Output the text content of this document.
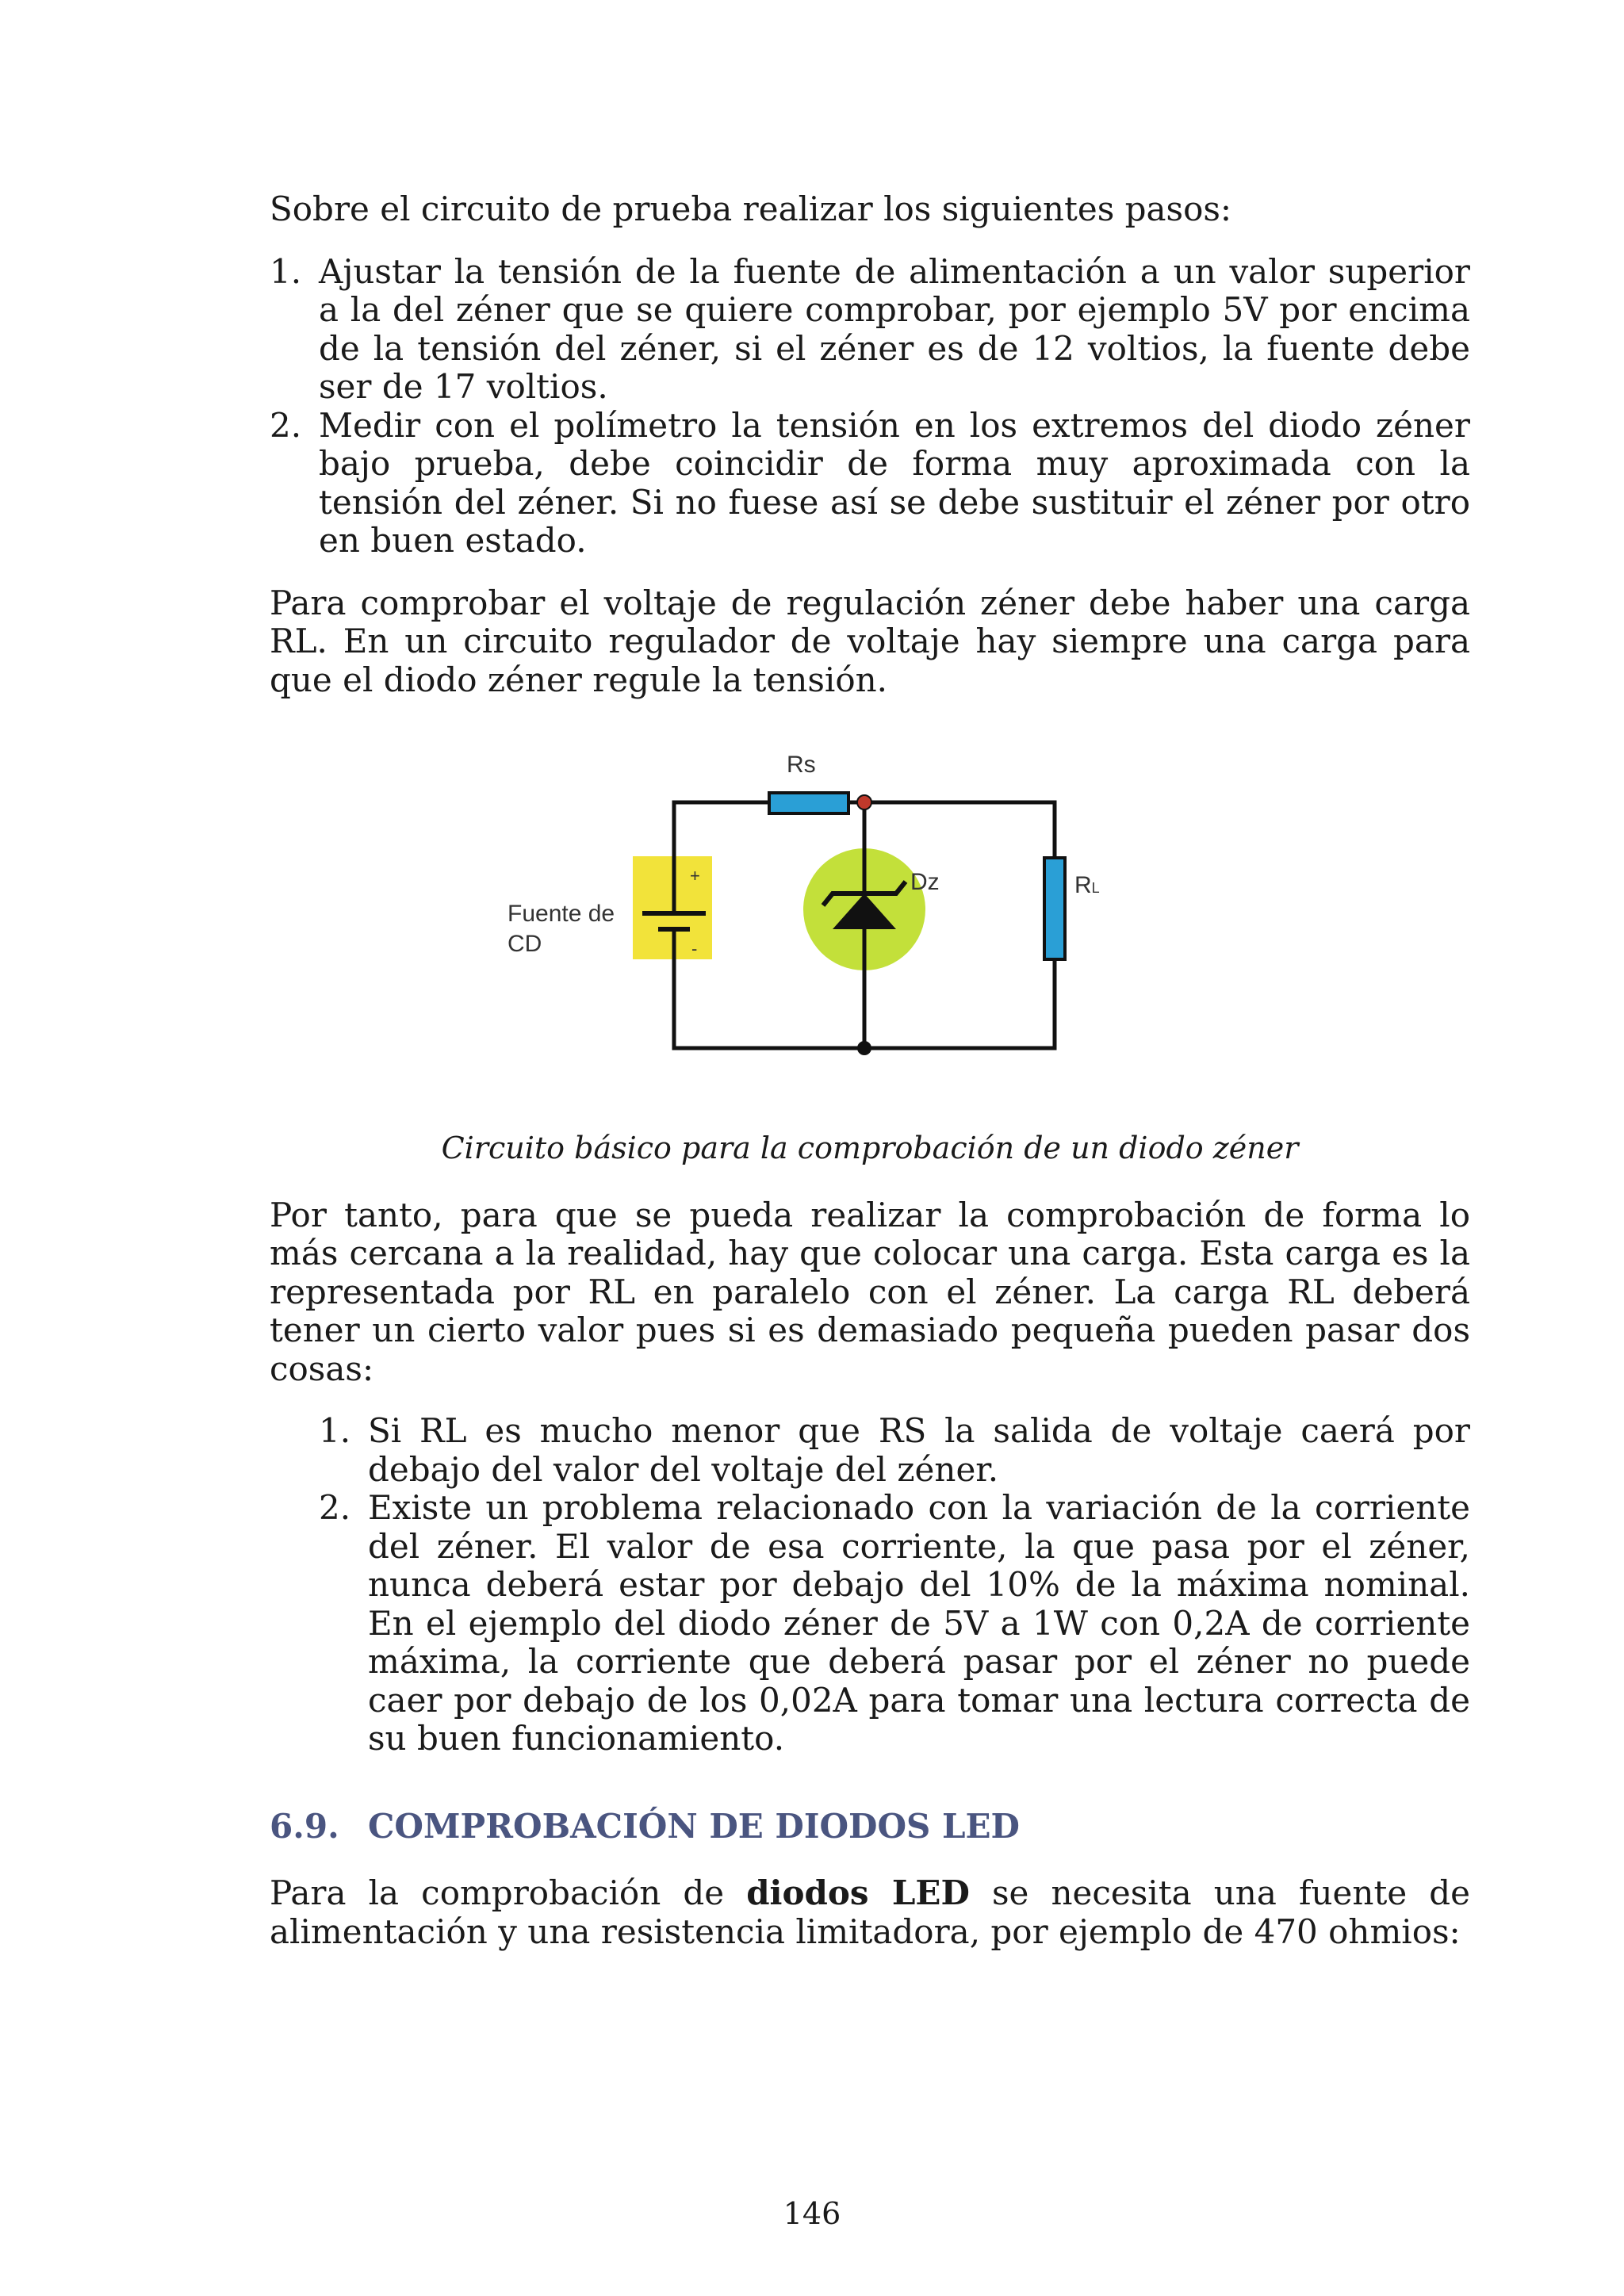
Sobre el circuito de prueba realizar los siguientes pasos:

1. Ajustar la tensión de la fuente de alimentación a un valor superior a la del zéner que se quiere comprobar, por ejemplo 5V por encima de la tensión del zéner, si el zéner es de 12 voltios, la fuente debe ser de 17 voltios.
2. Medir con el polímetro la tensión en los extremos del diodo zéner bajo prueba, debe coincidir de forma muy aproximada con la tensión del zéner. Si no fuese así se debe sustituir el zéner por otro en buen estado.

Para comprobar el voltaje de regulación zéner debe haber una carga RL. En un circuito regulador de voltaje hay siempre una carga para que el diodo zéner regule la tensión.

Rs
Dz	RL
+
-
Fuente de
CD

Circuito básico para la comprobación de un diodo zéner

Por tanto, para que se pueda realizar la comprobación de forma lo más cercana a la realidad, hay que colocar una carga. Esta carga es la representada por RL en paralelo con el zéner. La carga RL deberá tener un cierto valor pues si es demasiado pequeña pueden pasar dos cosas:

1. Si RL es mucho menor que RS la salida de voltaje caerá por debajo del valor del voltaje del zéner.
2. Existe un problema relacionado con la variación de la corriente del zéner. El valor de esa corriente, la que pasa por el zéner, nunca deberá estar por debajo del 10% de la máxima nominal. En el ejemplo del diodo zéner de 5V a 1W con 0,2A de corriente máxima, la corriente que deberá pasar por el zéner no puede caer por debajo de los 0,02A para tomar una lectura correcta de su buen funcionamiento.
6.9. COMPROBACIÓN DE DIODOS LED

Para la comprobación de diodos LED se necesita una fuente de alimentación y una resistencia limitadora, por ejemplo de 470 ohmios:

146
